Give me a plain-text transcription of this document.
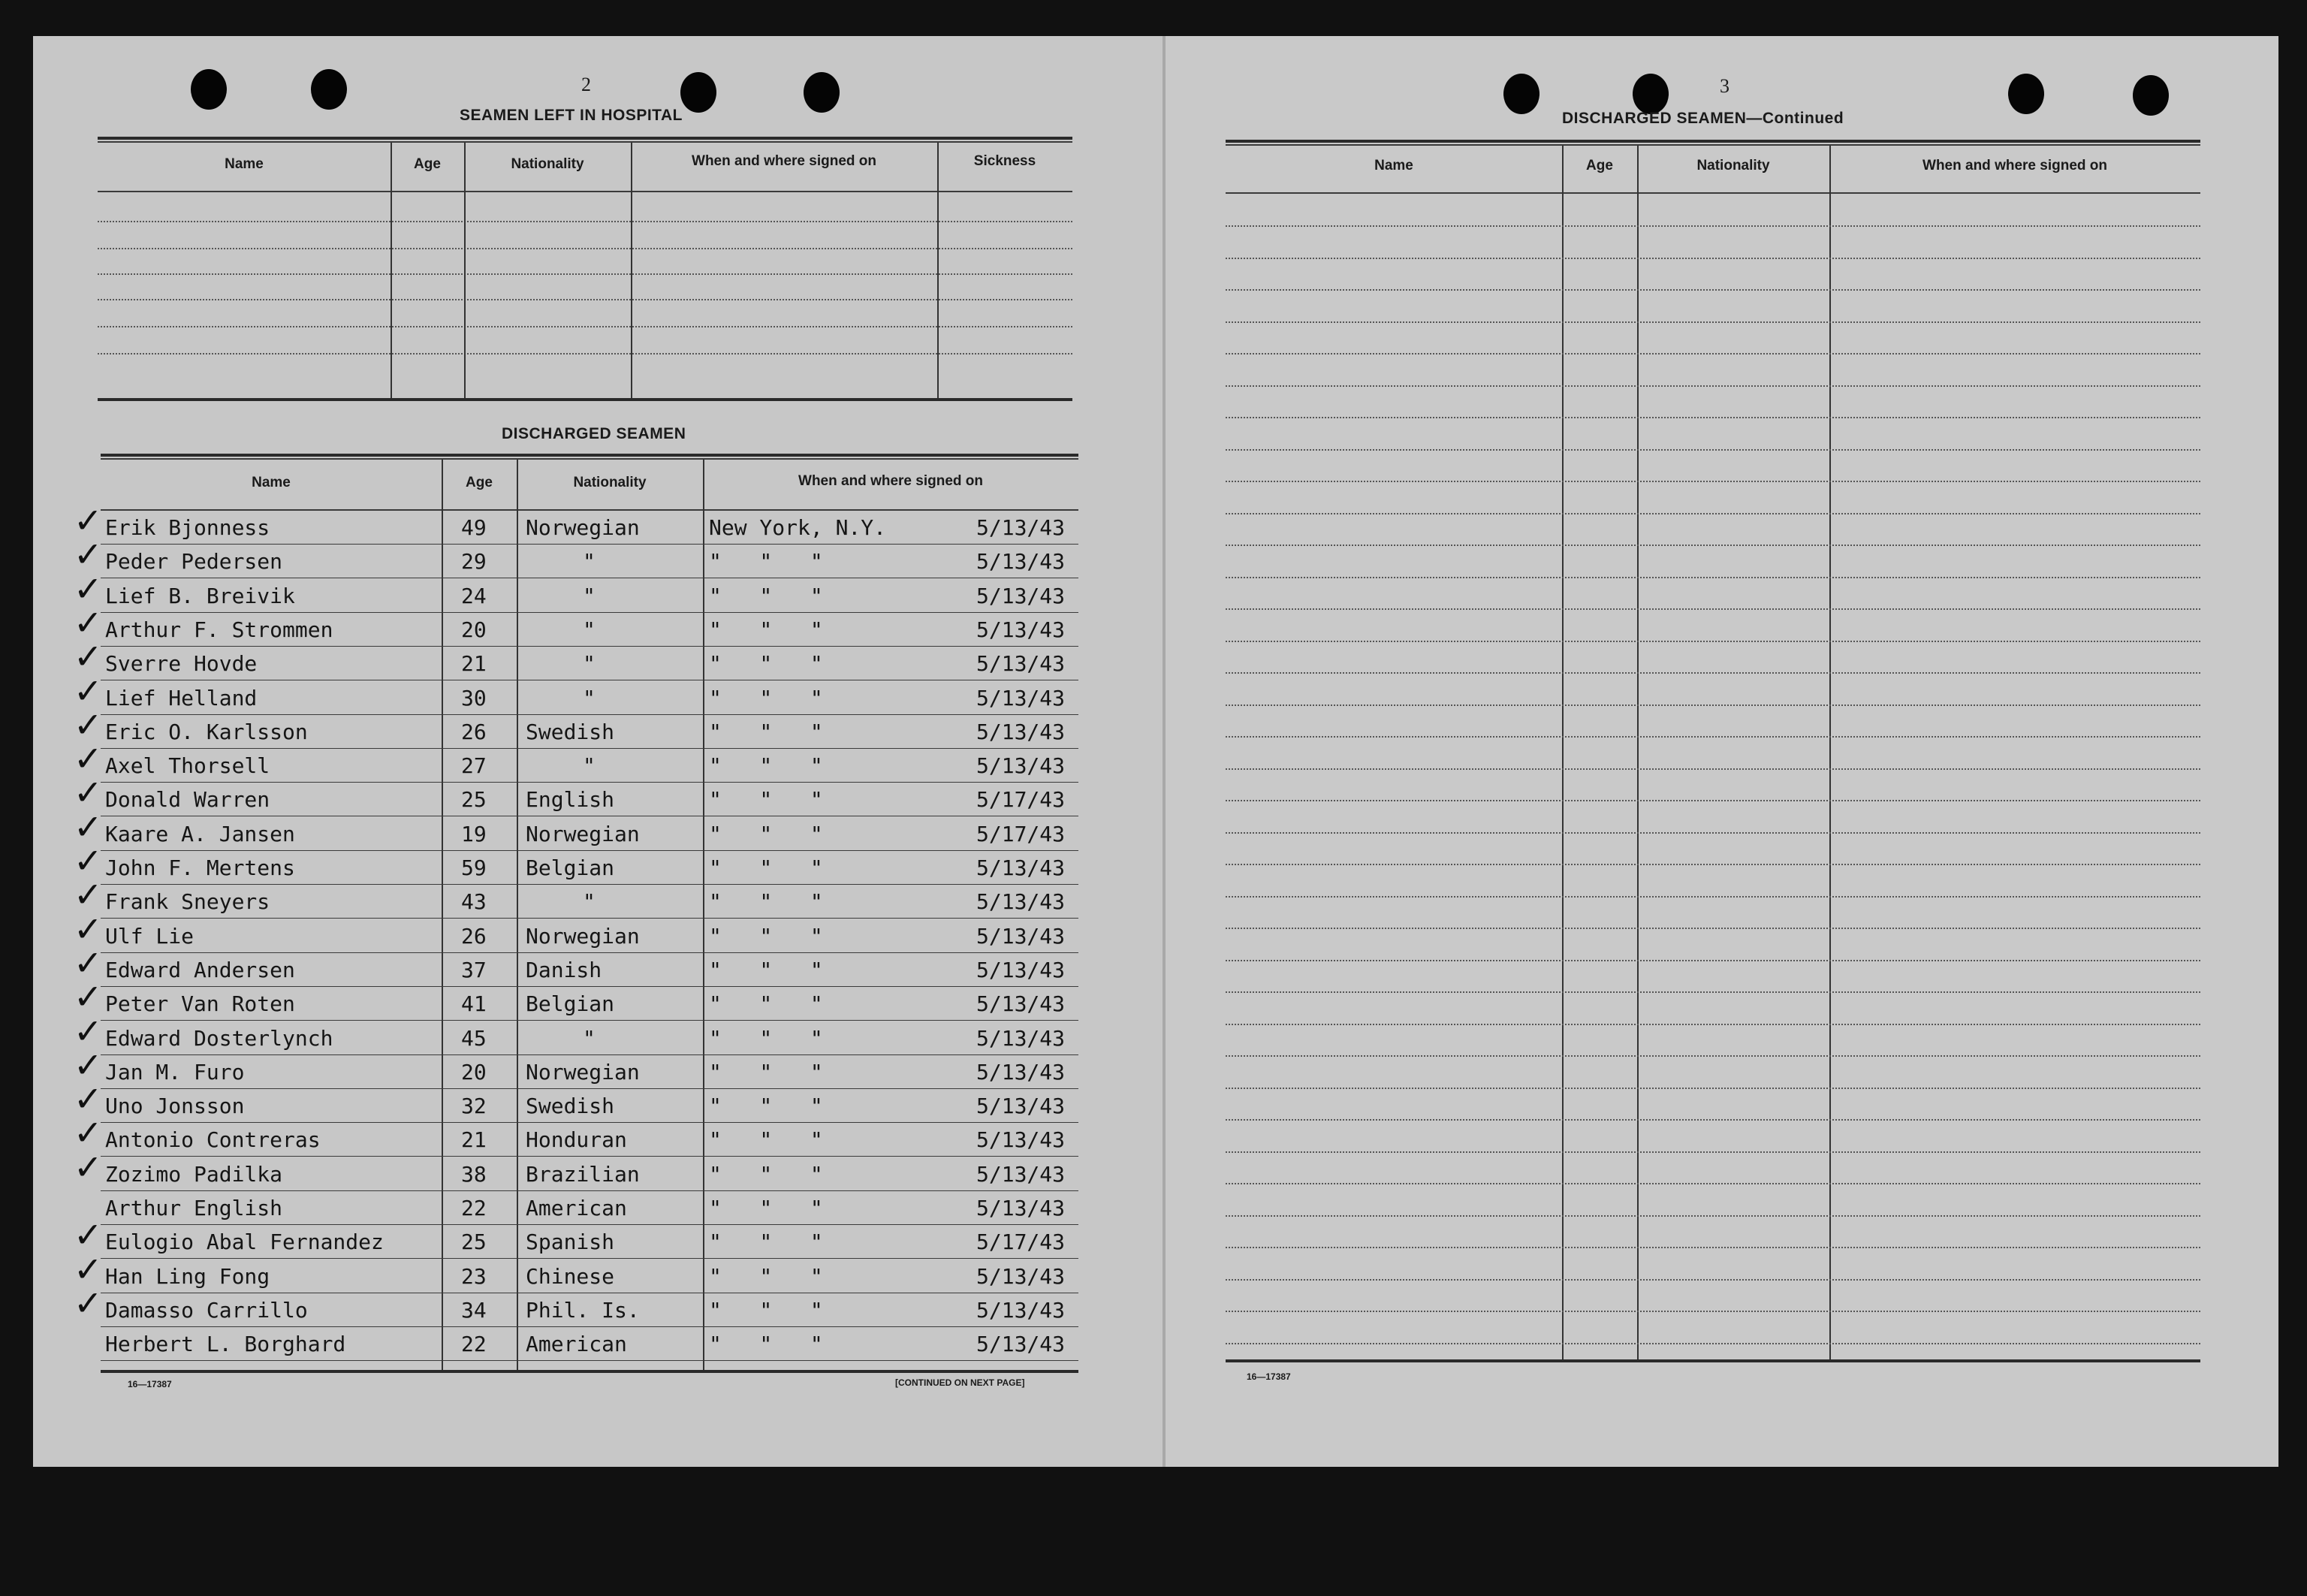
2
SEAMEN LEFT IN HOSPITAL
Name	Age	Nationality	When and where signed on	Sickness
DISCHARGED SEAMEN
Name	Age	Nationality	When and where signed on
Erik Bjonness	49 Norwegian	New York, N.Y.	5/13/43
✓
Peder Pedersen	29	"	"   "   "	5/13/43
✓
Lief B. Breivik	24	"	"   "   "	5/13/43
✓
Arthur F. Strommen	20	"	"   "   "	5/13/43
✓
Sverre Hovde	21	"	"   "   "	5/13/43
✓
Lief Helland	30	"	"   "   "	5/13/43
✓
Eric O. Karlsson	26 Swedish	"   "   "	5/13/43
✓
Axel Thorsell	27	"	"   "   "	5/13/43
✓
Donald Warren	25 English	"   "   "	5/17/43
✓
Kaare A. Jansen	19 Norwegian	"   "   "	5/17/43
✓
John F. Mertens	59 Belgian	"   "   "	5/13/43
✓
Frank Sneyers	43	"	"   "   "	5/13/43
✓
Ulf Lie	26 Norwegian	"   "   "	5/13/43
✓
Edward Andersen	37 Danish	"   "   "	5/13/43
✓
Peter Van Roten	41 Belgian	"   "   "	5/13/43
✓
Edward Dosterlynch	45	"	"   "   "	5/13/43
✓
Jan M. Furo	20 Norwegian	"   "   "	5/13/43
✓
Uno Jonsson	32 Swedish	"   "   "	5/13/43
✓
Antonio Contreras	21 Honduran	"   "   "	5/13/43
✓
Zozimo Padilka	38 Brazilian	"   "   "	5/13/43
✓
Arthur English	22 American	"   "   "	5/13/43
Eulogio Abal Fernandez	25 Spanish	"   "   "	5/17/43
✓
Han Ling Fong	23 Chinese	"   "   "	5/13/43
✓
Damasso Carrillo	34 Phil. Is.	"   "   "	5/13/43
✓
Herbert L. Borghard	22 American	"   "   "	5/13/43
16—17387	[CONTINUED ON NEXT PAGE]
3
DISCHARGED SEAMEN—Continued
Name	Age	Nationality	When and where signed on
16—17387
